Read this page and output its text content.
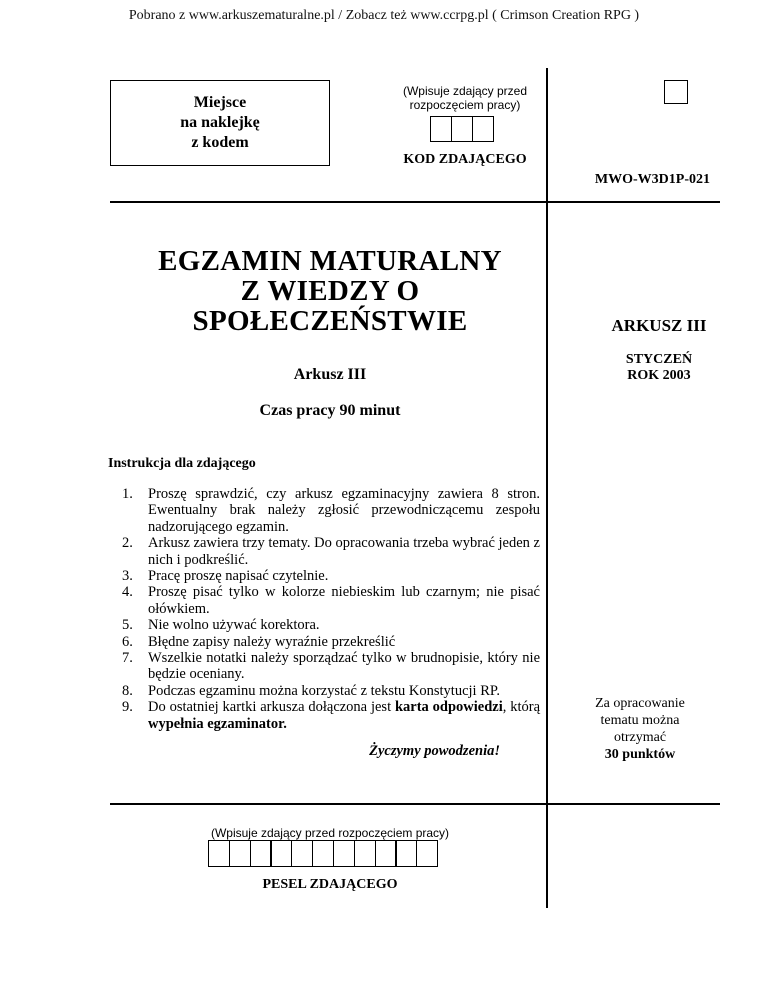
Pobrano z www.arkuszematuralne.pl / Zobacz też www.ccrpg.pl ( Crimson Creation RPG )
Miejsce
na naklejkę
z kodem
(Wpisuje zdający przed
rozpoczęciem pracy)
KOD ZDAJĄCEGO
MWO-W3D1P-021
EGZAMIN MATURALNY
Z WIEDZY O
SPOŁECZEŃSTWIE
Arkusz III
Czas pracy 90 minut
ARKUSZ III
STYCZEŃ
ROK 2003
Instrukcja dla zdającego
1.	Proszę sprawdzić, czy arkusz egzaminacyjny zawiera 8 stron. Ewentualny brak należy zgłosić przewodniczącemu zespołu nadzorującego egzamin.
2.	Arkusz zawiera trzy tematy. Do opracowania trzeba wybrać jeden z nich i podkreślić.
3.	Pracę proszę napisać czytelnie.
4.	Proszę pisać tylko w kolorze niebieskim lub czarnym; nie pisać ołówkiem.
5.	Nie wolno używać korektora.
6.	Błędne zapisy należy wyraźnie przekreślić
7.	Wszelkie notatki należy sporządzać tylko w brudnopisie, który nie będzie oceniany.
8.	Podczas egzaminu można korzystać z tekstu Konstytucji RP.
9.	Do ostatniej kartki arkusza dołączona jest karta odpowiedzi, którą wypełnia egzaminator.
Życzymy powodzenia!
Za opracowanie
tematu można
otrzymać
30 punktów
(Wpisuje zdający przed rozpoczęciem pracy)
PESEL ZDAJĄCEGO
